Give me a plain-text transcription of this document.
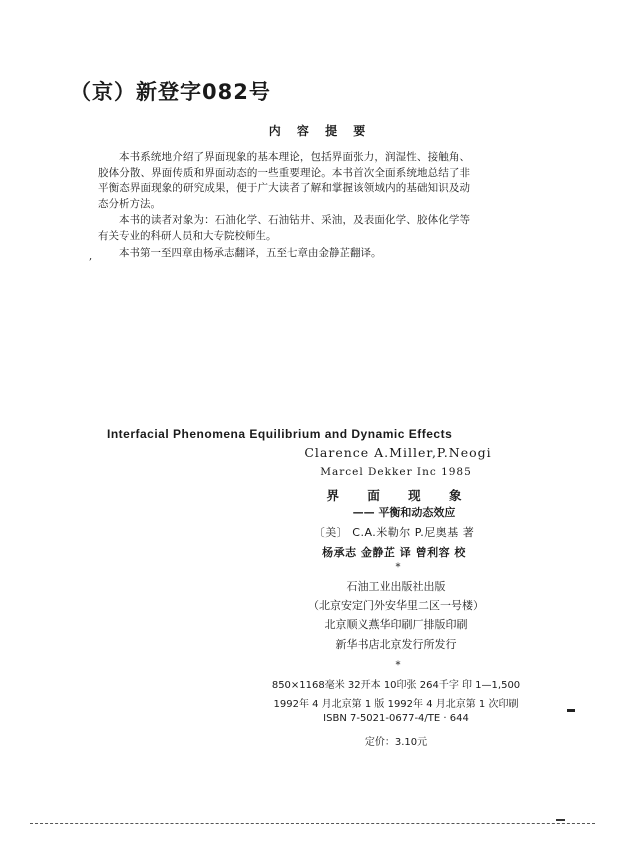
（京）新登字082号
内 容 提 要
本书系统地介绍了界面现象的基本理论，包括界面张力，润湿性、接触角、胶体分散、界面传质和界面动态的一些重要理论。本书首次全面系统地总结了非平衡态界面现象的研究成果，便于广大读者了解和掌握该领域内的基础知识及动态分析方法。
本书的读者对象为：石油化学、石油钻井、采油，及表面化学、胶体化学等有关专业的科研人员和大专院校师生。
,	本书第一至四章由杨承志翻译，五至七章由金静芷翻译。
Interfacial Phenomena Equilibrium and Dynamic Effects
Clarence A.Miller,P.Neogi
Marcel Dekker Inc 1985
界 面 现 象
—— 平衡和动态效应
〔美〕 C.A.米勒尔 P.尼奥基 著
杨承志 金静芷 译 曾利容 校
*
石油工业出版社出版
（北京安定门外安华里二区一号楼）
北京顺义燕华印刷厂排版印刷
新华书店北京发行所发行
*
850×1168毫米 32开本 10印张 264千字 印 1—1,500
1992年 4 月北京第 1 版 1992年 4 月北京第 1 次印刷
ISBN 7-5021-0677-4/TE · 644
定价：3.10元
